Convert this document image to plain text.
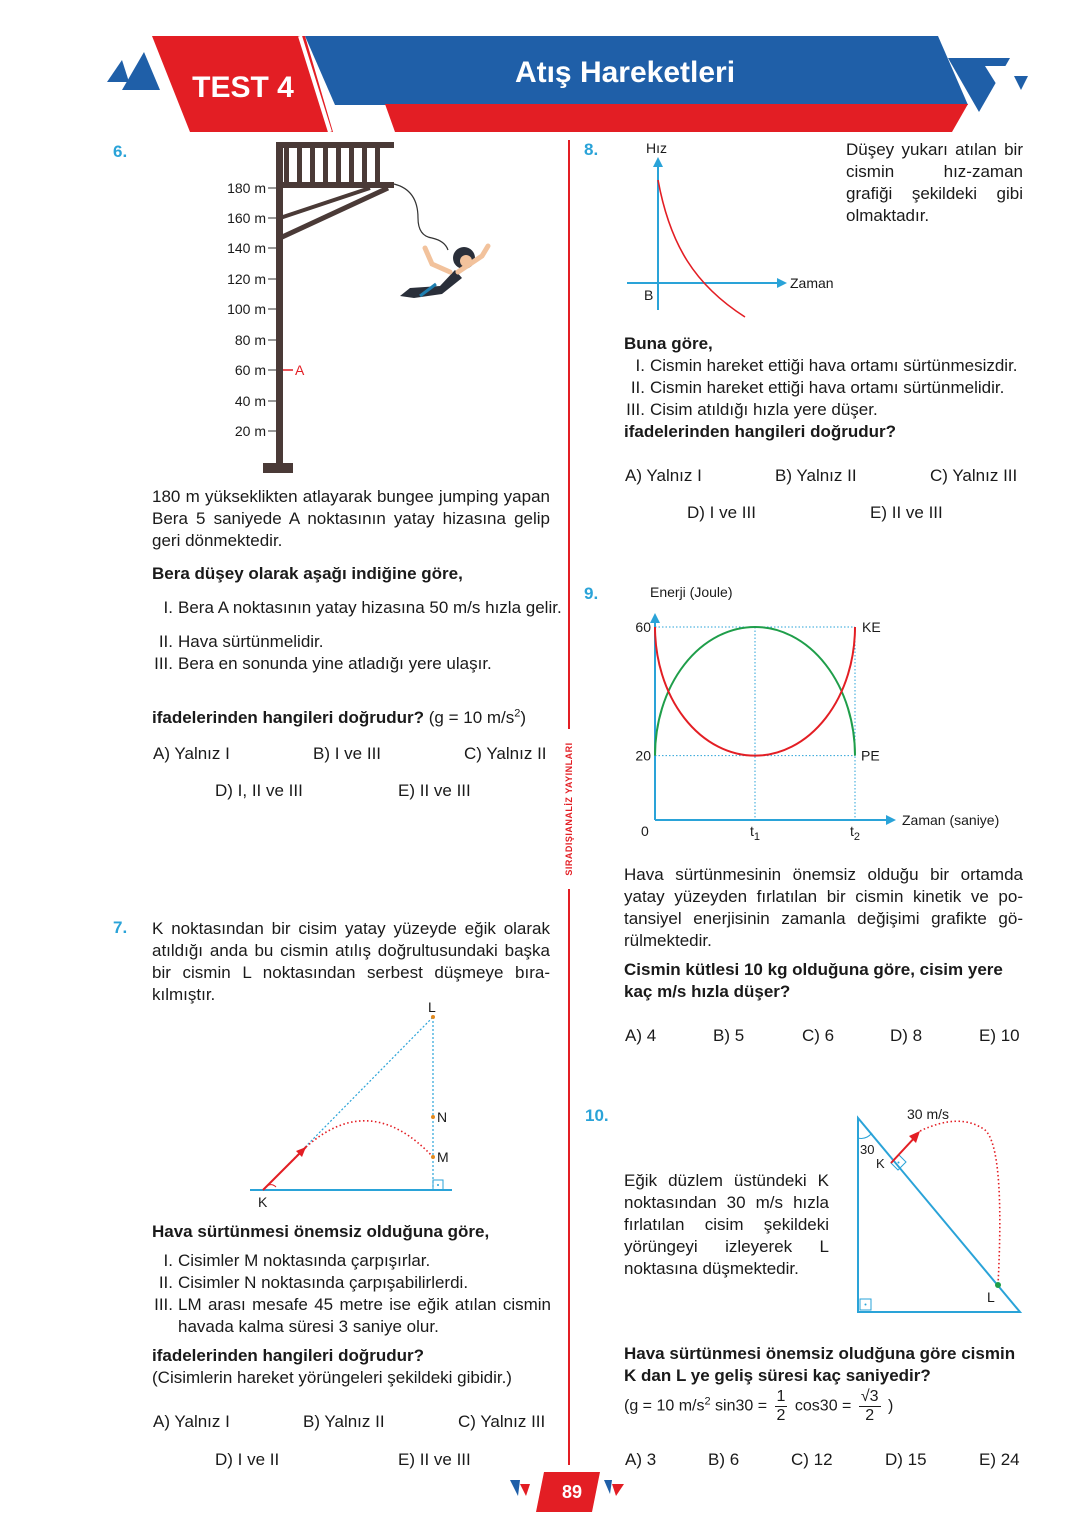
TEST 4	Atış Hareketleri
SIRADIŞIANALİZ YAYINLARI
6.
180 m
160 m
140 m
120 m
100 m
80 m
60 m
40 m
20 m
A
180 m yükseklikten atlayarak bungee jumping yapan Bera 5 saniyede A noktasının yatay hizasına gelip geri dönmektedir.
Bera düşey olarak aşağı indiğine göre,
I. Bera A noktasının yatay hizasına 50 m/s hızla gelir.
II. Hava sürtünmelidir.
III. Bera en sonunda yine atladığı yere ulaşır.
ifadelerinden hangileri doğrudur? (g = 10 $m/s^2$)
A) Yalnız I	B) I ve III	C) Yalnız II
D) I, II ve III	E) II ve III
7. K noktasından bir cisim yatay yüzeyde eğik olarak atıldığı anda bu cismin atılış doğrultusundaki başka bir cismin L noktasından serbest düşmeye bırakılmıştır.
L
N
M
K
Hava sürtünmesi önemsiz olduğuna göre,
I. Cisimler M noktasında çarpışırlar.
II. Cisimler N noktasında çarpışabilirlerdi.
III. LM arası mesafe 45 metre ise eğik atılan cismin havada kalma süresi 3 saniye olur.
ifadelerinden hangileri doğrudur?
(Cisimlerin hareket yörüngeleri şekildeki gibidir.)
A) Yalnız I	B) Yalnız II	C) Yalnız III
D) I ve II	E) II ve III
8.	Hız
Zaman
B
Düşey yukarı atılan bir cismin hız-zaman grafiği şekildeki gibi olmaktadır.
Buna göre,
I. Cismin hareket ettiği hava ortamı sürtünmesizdir.
II. Cismin hareket ettiği hava ortamı sürtünmelidir.
III. Cisim atıldığı hızla yere düşer.
ifadelerinden hangileri doğrudur?
A) Yalnız I	B) Yalnız II	C) Yalnız III
D) I ve III	E) II ve III
9.	Enerji (Joule)
Zaman (saniye)
60
20
0	$t_1$	$t_2$
KE
PE
Hava sürtünmesinin önemsiz olduğu bir ortamda yatay yüzeyden fırlatılan bir cismin kinetik ve potansiyel enerjisinin zamanla değişimi grafikte görülmektedir.
Cismin kütlesi 10 kg olduğuna göre, cisim yere kaç m/s hızla düşer?
A) 4	B) 5	C) 6	D) 8	E) 10
10.
Eğik düzlem üstündeki K noktasından 30 m/s hızla fırlatılan cisim şekildeki yörüngeyi izleyerek L noktasına düşmektedir.
30 m/s
30
K
L
Hava sürtünmesi önemsiz oludğuna göre cismin K dan L ye geliş süresi kaç saniyedir?
(g = 10 $m/s^2$ $\sin 30 = \frac{1}{2} \cos 30 = \frac{√3}{2}$ )
A) 3	B) 6	C) 12	D) 15	E) 24
89
